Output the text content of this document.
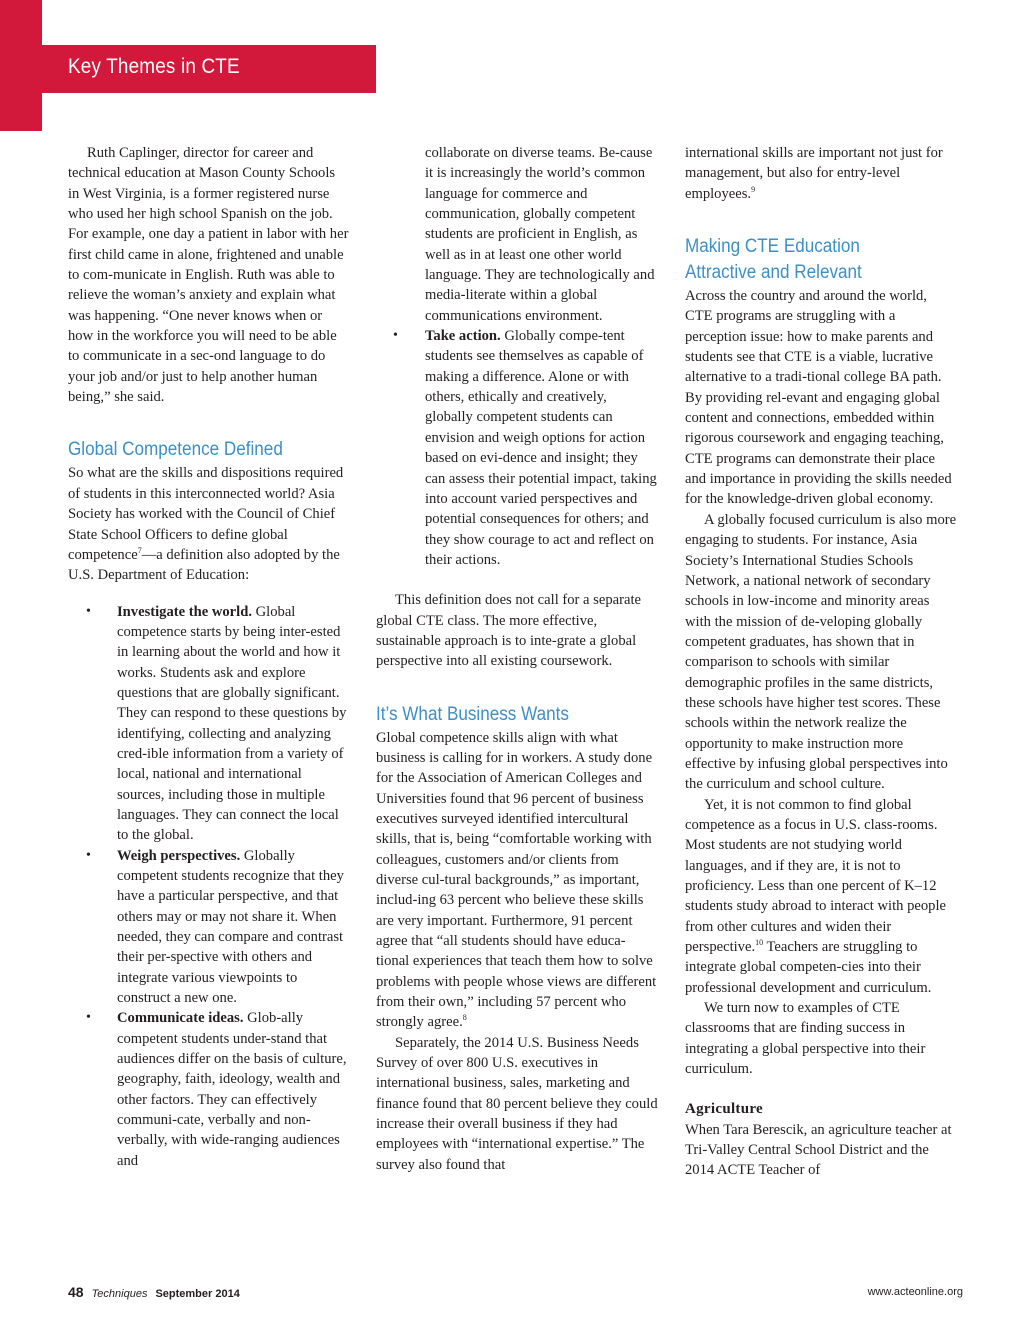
Key Themes in CTE

Ruth Caplinger, director for career and technical education at Mason County Schools in West Virginia, is a former registered nurse who used her high school Spanish on the job. For example, one day a patient in labor with her first child came in alone, frightened and unable to com-municate in English. Ruth was able to relieve the woman’s anxiety and explain what was happening. “One never knows when or how in the workforce you will need to be able to communicate in a sec-ond language to do your job and/or just to help another human being,” she said.

Global Competence Defined

So what are the skills and dispositions required of students in this interconnected world? Asia Society has worked with the Council of Chief State School Officers to define global competence$^7$—a definition also adopted by the U.S. Department of Education:

• Investigate the world. Global competence starts by being inter-ested in learning about the world and how it works. Students ask and explore questions that are globally significant. They can respond to these questions by identifying, collecting and analyzing cred-ible information from a variety of local, national and international sources, including those in multiple languages. They can connect the local to the global.
• Weigh perspectives. Globally competent students recognize that they have a particular perspective, and that others may or may not share it. When needed, they can compare and contrast their per-spective with others and integrate various viewpoints to construct a new one.
• Communicate ideas. Glob-ally competent students under-stand that audiences differ on the basis of culture, geography, faith, ideology, wealth and other factors. They can effectively communi-cate, verbally and non-verbally, with wide-ranging audiences and
collaborate on diverse teams. Be-cause it is increasingly the world’s common language for commerce and communication, globally competent students are proficient in English, as well as in at least one other world language. They are technologically and media-literate within a global communications environment.
• Take action. Globally compe-tent students see themselves as capable of making a difference. Alone or with others, ethically and creatively, globally competent students can envision and weigh options for action based on evi-dence and insight; they can assess their potential impact, taking into account varied perspectives and potential consequences for others; and they show courage to act and reflect on their actions.

This definition does not call for a separate global CTE class. The more effective, sustainable approach is to inte-grate a global perspective into all existing coursework.

It’s What Business Wants

Global competence skills align with what business is calling for in workers. A study done for the Association of American Colleges and Universities found that 96 percent of business executives surveyed identified intercultural skills, that is, being “comfortable working with colleagues, customers and/or clients from diverse cul-tural backgrounds,” as important, includ-ing 63 percent who believe these skills are very important. Furthermore, 91 percent agree that “all students should have educa-tional experiences that teach them how to solve problems with people whose views are different from their own,” including 57 percent who strongly agree.$^8$

Separately, the 2014 U.S. Business Needs Survey of over 800 U.S. executives in international business, sales, marketing and finance found that 80 percent believe they could increase their overall business if they had employees with “international expertise.” The survey also found that

international skills are important not just for management, but also for entry-level employees.$^9$

Making CTE Education Attractive and Relevant

Across the country and around the world, CTE programs are struggling with a perception issue: how to make parents and students see that CTE is a viable, lucrative alternative to a tradi-tional college BA path. By providing rel-evant and engaging global content and connections, embedded within rigorous coursework and engaging teaching, CTE programs can demonstrate their place and importance in providing the skills needed for the knowledge-driven global economy.

A globally focused curriculum is also more engaging to students. For instance, Asia Society’s International Studies Schools Network, a national network of secondary schools in low-income and minority areas with the mission of de-veloping globally competent graduates, has shown that in comparison to schools with similar demographic profiles in the same districts, these schools have higher test scores. These schools within the network realize the opportunity to make instruction more effective by infusing global perspectives into the curriculum and school culture.

Yet, it is not common to find global competence as a focus in U.S. class-rooms. Most students are not studying world languages, and if they are, it is not to proficiency. Less than one percent of K–12 students study abroad to interact with people from other cultures and widen their perspective.$^{10}$ Teachers are struggling to integrate global competen-cies into their professional development and curriculum.

We turn now to examples of CTE classrooms that are finding success in integrating a global perspective into their curriculum.

Agriculture

When Tara Berescik, an agriculture teacher at Tri-Valley Central School District and the 2014 ACTE Teacher of

48 Techniques September 2014	www.acteonline.org
